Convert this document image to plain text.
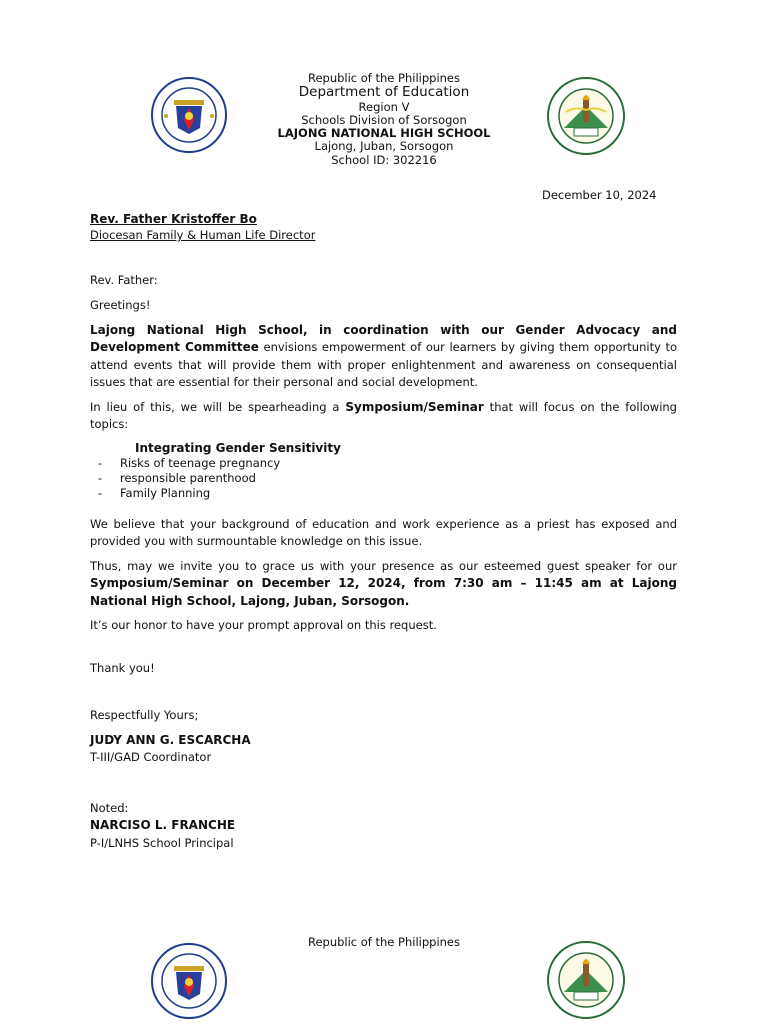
Republic of the Philippines
Department of Education
Region V
Schools Division of Sorsogon
LAJONG NATIONAL HIGH SCHOOL
Lajong, Juban, Sorsogon
School ID: 302216
December 10, 2024
Rev. Father Kristoffer Bo
Diocesan Family & Human Life Director
Rev. Father:
Greetings!
Lajong National High School, in coordination with our Gender Advocacy and Development Committee envisions empowerment of our learners by giving them opportunity to attend events that will provide them with proper enlightenment and awareness on consequential issues that are essential for their personal and social development.
In lieu of this, we will be spearheading a Symposium/Seminar that will focus on the following topics:
Integrating Gender Sensitivity
- Risks of teenage pregnancy
- responsible parenthood
- Family Planning
We believe that your background of education and work experience as a priest has exposed and provided you with surmountable knowledge on this issue.
Thus, may we invite you to grace us with your presence as our esteemed guest speaker for our Symposium/Seminar on December 12, 2024, from 7:30 am – 11:45 am at Lajong National High School, Lajong, Juban, Sorsogon.
It’s our honor to have your prompt approval on this request.
Thank you!
Respectfully Yours;
JUDY ANN G. ESCARCHA
T-III/GAD Coordinator
Noted:
NARCISO L. FRANCHE
P-I/LNHS School Principal
Republic of the Philippines
